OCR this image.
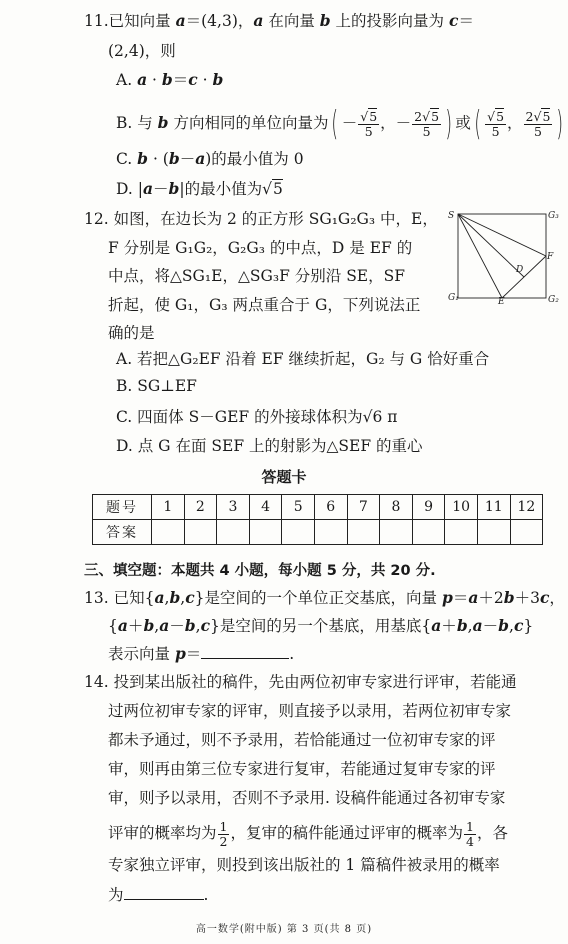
11.已知向量 a＝(4,3)，a 在向量 b 上的投影向量为 c＝
(2,4)，则
A. a · b＝c · b
B. 与 b 方向相同的单位向量为( － $\frac{√5}{5}$ ，－ $\frac{2√5}{5}$ ) 或( $\frac{√5}{5}$ ， $\frac{2√5}{5}$ )
C. b · (b－a)的最小值为 0
D. |a－b|的最小值为√5
12. 如图，在边长为 2 的正方形 SG₁G₂G₃ 中，E，
F 分别是 G₁G₂，G₂G₃ 的中点，D 是 EF 的
中点，将△SG₁E，△SG₃F 分别沿 SE，SF
折起，使 G₁，G₃ 两点重合于 G，下列说法正
确的是
A. 若把△G₂EF 沿着 EF 继续折起，G₂ 与 G 恰好重合
B. SG⊥EF
C. 四面体 S－GEF 的外接球体积为√6 π
D. 点 G 在面 SEF 上的射影为△SEF 的重心
S	G₃
G₁	G₂
D
E
F
答题卡
题号	1	2	3	4	5	6	7	8	9	10	11	12
答案												
三、填空题：本题共 4 小题，每小题 5 分，共 20 分.
13. 已知{a,b,c}是空间的一个单位正交基底，向量 p＝a＋2b＋3c，
{a＋b,a－b,c}是空间的另一个基底，用基底{a＋b,a－b,c}
表示向量 p＝	.
14. 投到某出版社的稿件，先由两位初审专家进行评审，若能通
过两位初审专家的评审，则直接予以录用，若两位初审专家
都未予通过，则不予录用，若恰能通过一位初审专家的评
审，则再由第三位专家进行复审，若能通过复审专家的评
审，则予以录用，否则不予录用. 设稿件能通过各初审专家
评审的概率均为 $\frac{1}{2}$ ，复审的稿件能通过评审的概率为 $\frac{1}{4}$ ，各
专家独立评审，则投到该出版社的 1 篇稿件被录用的概率
为	.
高一数学(附中版) 第 3 页(共 8 页)
